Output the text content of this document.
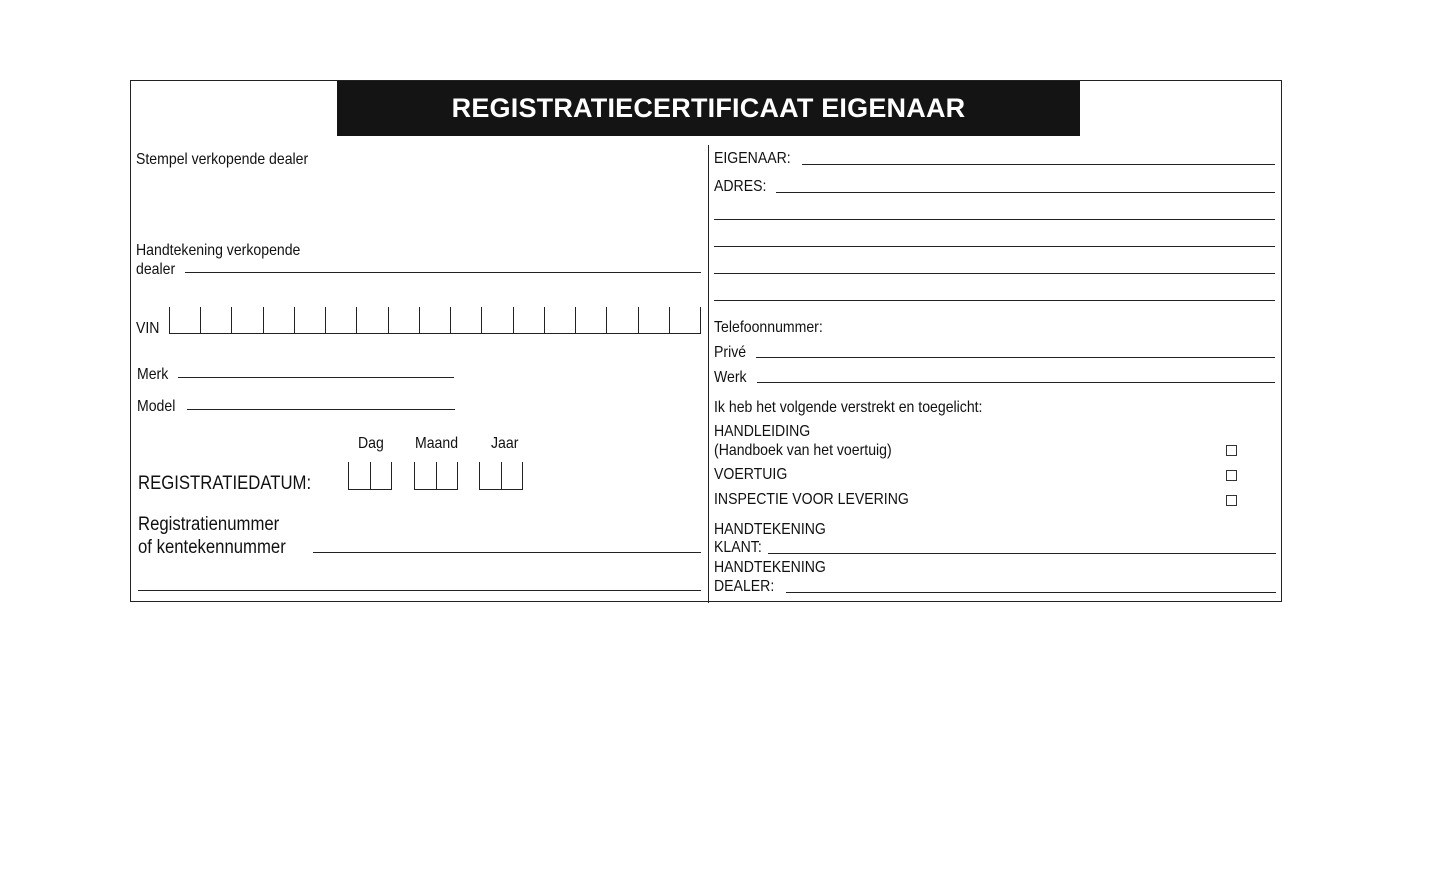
REGISTRATIECERTIFICAAT EIGENAAR
Stempel verkopende dealer
Handtekening verkopende
dealer
VIN
Merk
Model
Dag Maand Jaar
REGISTRATIEDATUM:
Registratienummer
of kentekennummer
EIGENAAR:
ADRES:
Telefoonnummer:
Privé
Werk
Ik heb het volgende verstrekt en toegelicht:
HANDLEIDING
(Handboek van het voertuig)
VOERTUIG
INSPECTIE VOOR LEVERING
HANDTEKENING
KLANT:
HANDTEKENING
DEALER:
